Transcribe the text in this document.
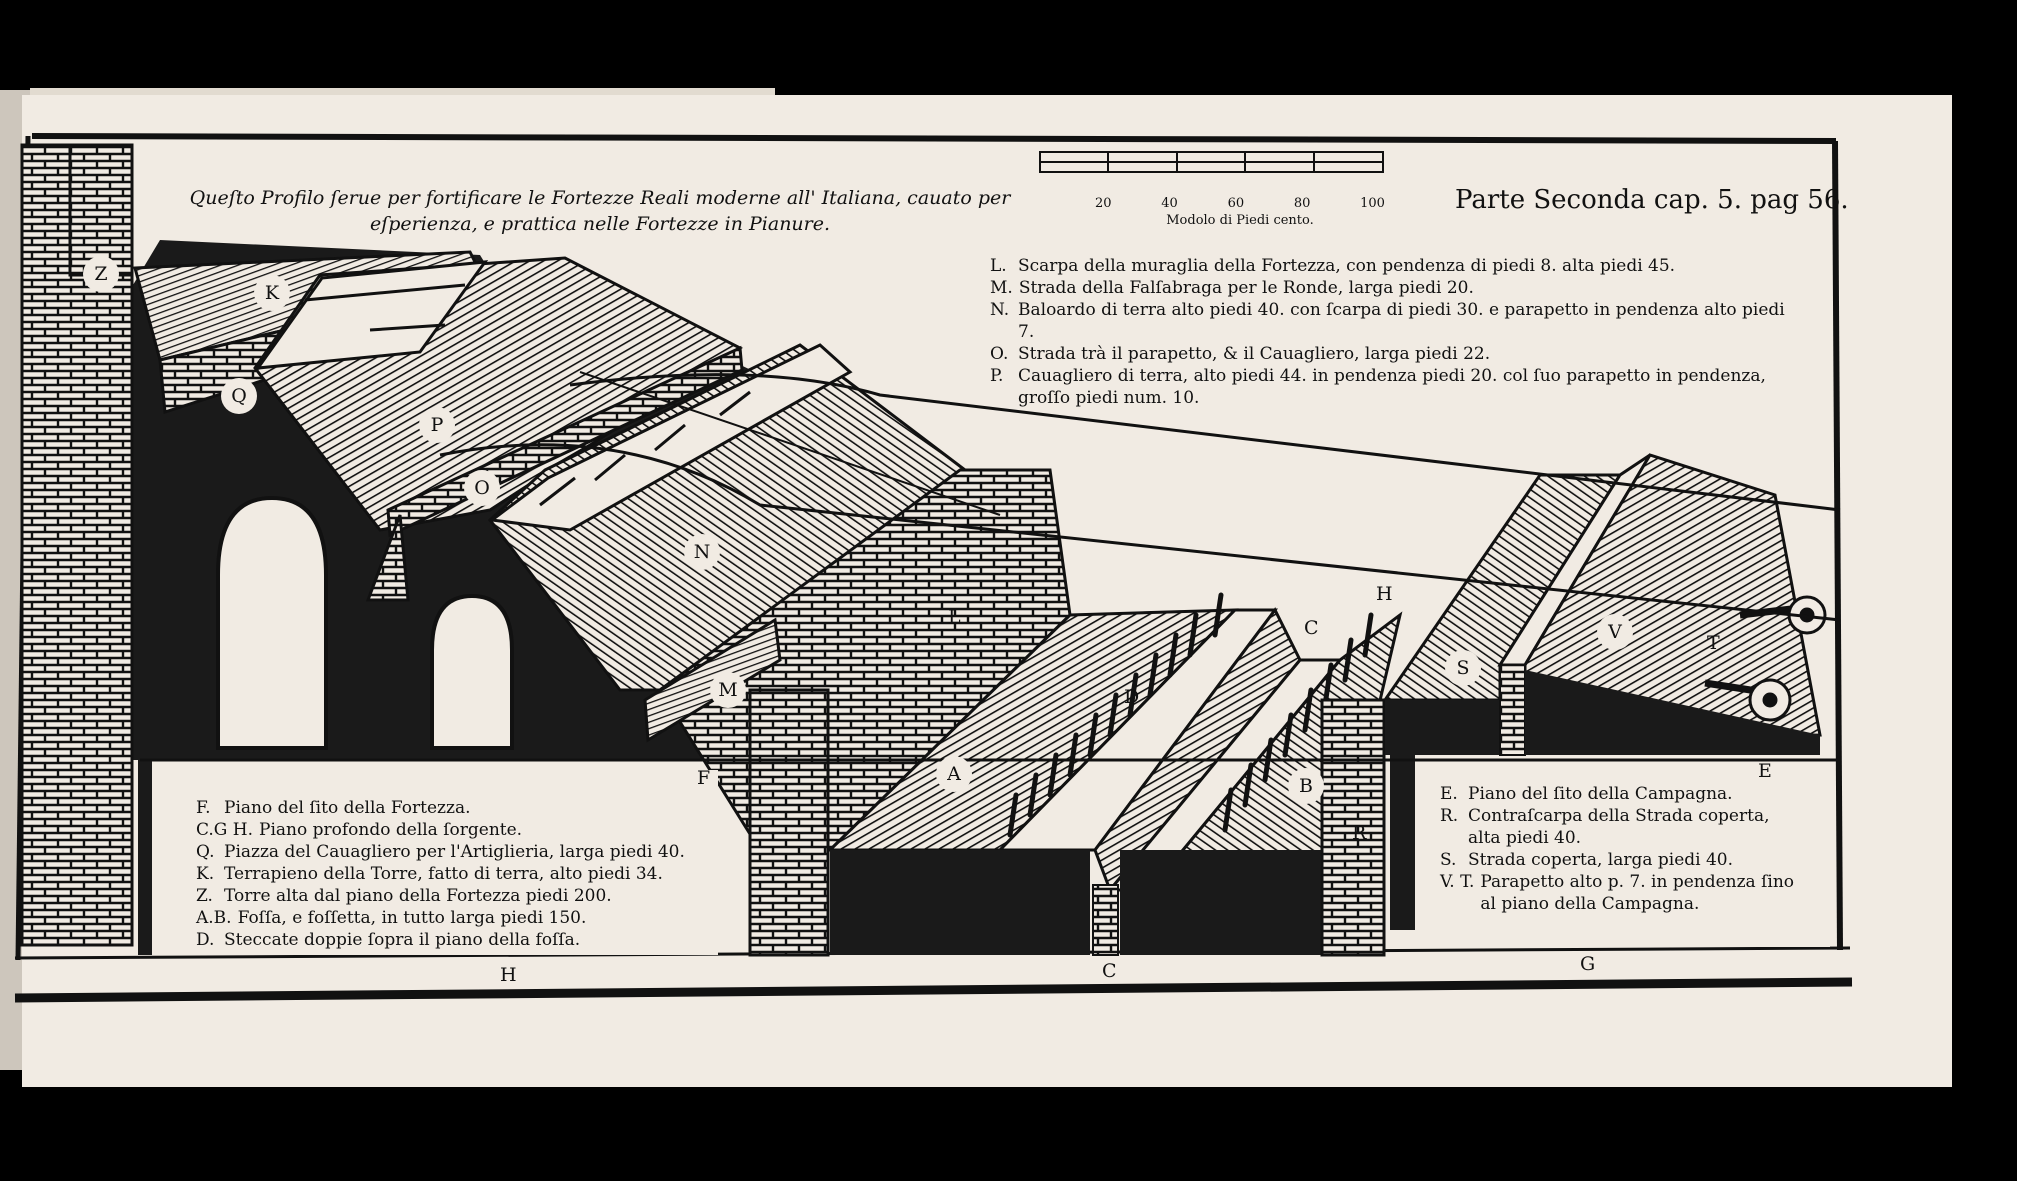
Queſto Profilo ſerue per fortificare le Fortezze Reali moderne all' Italiana, cauato per eſperienza, e prattica nelle Fortezze in Pianure.
Parte Seconda cap. 5. pag 56.
20	40	60	80	100
Modolo di Piedi cento.
L. Scarpa della muraglia della Fortezza, con pendenza di piedi 8. alta piedi 45.
M. Strada della Falſabraga per le Ronde, larga piedi 20.
N. Baloardo di terra alto piedi 40. con ſcarpa di piedi 30. e parapetto in pendenza alto piedi 7.
O. Strada trà il parapetto, & il Cauagliero, larga piedi 22.
P. Cauagliero di terra, alto piedi 44. in pendenza piedi 20. col ſuo parapetto in pendenza, groſſo piedi num. 10.
F. Piano del ſito della Fortezza.
C.G H. Piano profondo della ſorgente.
Q. Piazza del Cauagliero per l'Artiglieria, larga piedi 40.
K. Terrapieno della Torre, fatto di terra, alto piedi 34.
Z. Torre alta dal piano della Fortezza piedi 200.
A.B. Foſſa, e foſſetta, in tutto larga piedi 150.
D. Steccate doppie ſopra il piano della foſſa.
E. Piano del ſito della Campagna.
R. Contraſcarpa della Strada coperta, alta piedi 40.
S. Strada coperta, larga piedi 40.
V. T. Parapetto alto p. 7. in pendenza ſino al piano della Campagna.
Z
K
Q
P
O
N
M
L
A
D
B
C
H
S
V	T
R
E
F
H	C	G
